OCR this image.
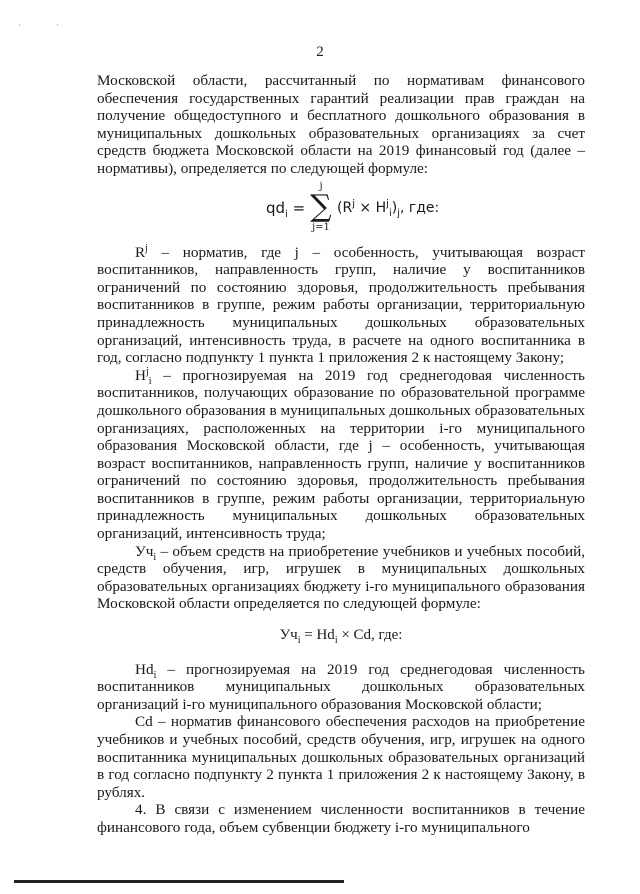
·	·
2

Московской области, рассчитанный по нормативам финансового обеспечения государственных гарантий реализации прав граждан на получение общедоступного и бесплатного дошкольного образования в муниципальных дошкольных образовательных организациях за счет средств бюджета Московской области на 2019 финансовый год (далее – нормативы), определяется по следующей формуле:

$qd_i$ =
j
∑
j=1
$(R^j \times H^j_i)_j$, где:

$R^j$ – норматив, где j – особенность, учитывающая возраст воспитанников, направленность групп, наличие у воспитанников ограничений по состоянию здоровья, продолжительность пребывания воспитанников в группе, режим работы организации, территориальную принадлежность муниципальных дошкольных образовательных организаций, интенсивность труда, в расчете на одного воспитанника в год, согласно подпункту 1 пункта 1 приложения 2 к настоящему Закону;

$H^j_i$ – прогнозируемая на 2019 год среднегодовая численность воспитанников, получающих образование по образовательной программе дошкольного образования в муниципальных дошкольных образовательных организациях, расположенных на территории i-го муниципального образования Московской области, где j – особенность, учитывающая возраст воспитанников, направленность групп, наличие у воспитанников ограничений по состоянию здоровья, продолжительность пребывания воспитанников в группе, режим работы организации, территориальную принадлежность муниципальных дошкольных образовательных организаций, интенсивность труда;

$Уч_i$ – объем средств на приобретение учебников и учебных пособий, средств обучения, игр, игрушек в муниципальных дошкольных образовательных организациях бюджету i-го муниципального образования Московской области определяется по следующей формуле:

$Уч_i = Hd_i \times Cd$, где:

$Hd_i$ – прогнозируемая на 2019 год среднегодовая численность воспитанников муниципальных дошкольных образовательных организаций i-го муниципального образования Московской области;

Cd – норматив финансового обеспечения расходов на приобретение учебников и учебных пособий, средств обучения, игр, игрушек на одного воспитанника муниципальных дошкольных образовательных организаций в год согласно подпункту 2 пункта 1 приложения 2 к настоящему Закону, в рублях.

4. В связи с изменением численности воспитанников в течение финансового года, объем субвенции бюджету i-го муниципального
